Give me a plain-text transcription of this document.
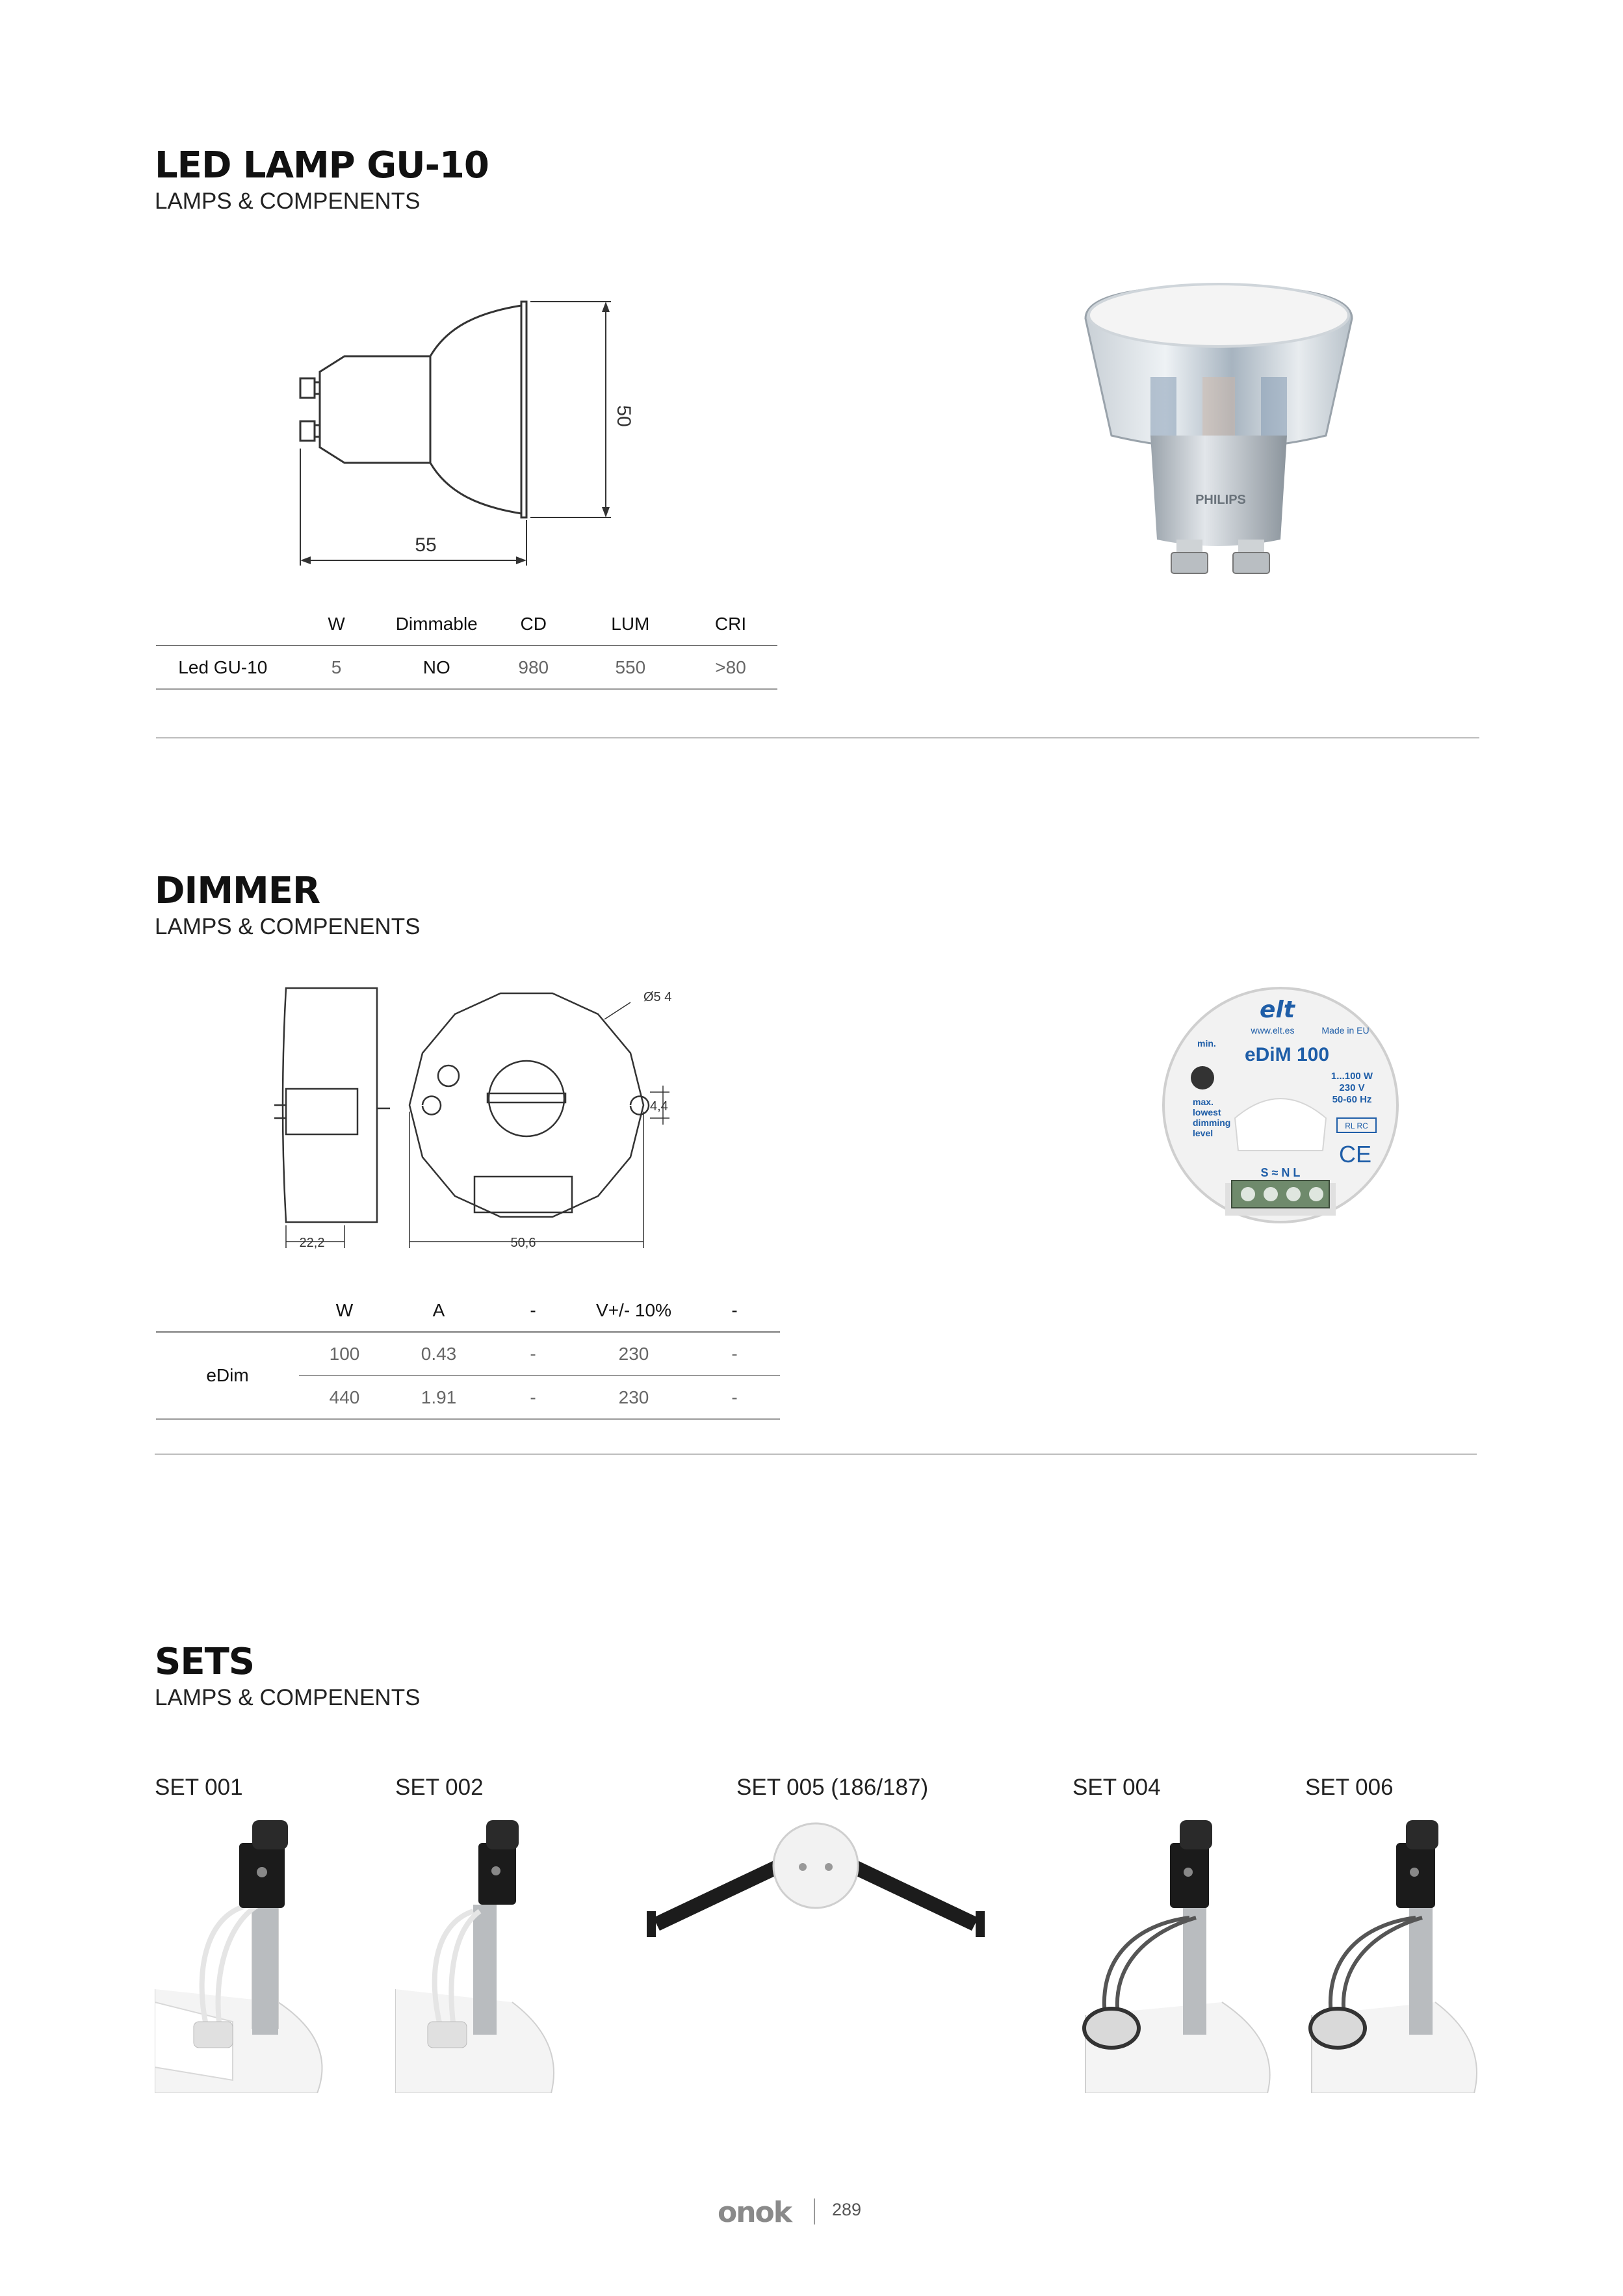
LED LAMP GU-10
LAMPS & COMPENENTS
50
55
PHILIPS
	W	Dimmable	CD	LUM	CRI
Led GU-10	5	NO	980	550	>80
DIMMER
LAMPS & COMPENENTS
Ø5 4
4,4
22,2	50,6
elt
www.elt.es	Made in EU
eDiM 100
min.
max.
lowest
dimming
level
1...100 W
230 V
50-60 Hz
RL RC
CE
S ≈ N L
	W	A	-	V+/- 10%	-
eDim	100	0.43	-	230	-
	440	1.91	-	230	-
SETS
LAMPS & COMPENENTS
SET 001	SET 002	SET 005 (186/187)	SET 004	SET 006
onok 289
